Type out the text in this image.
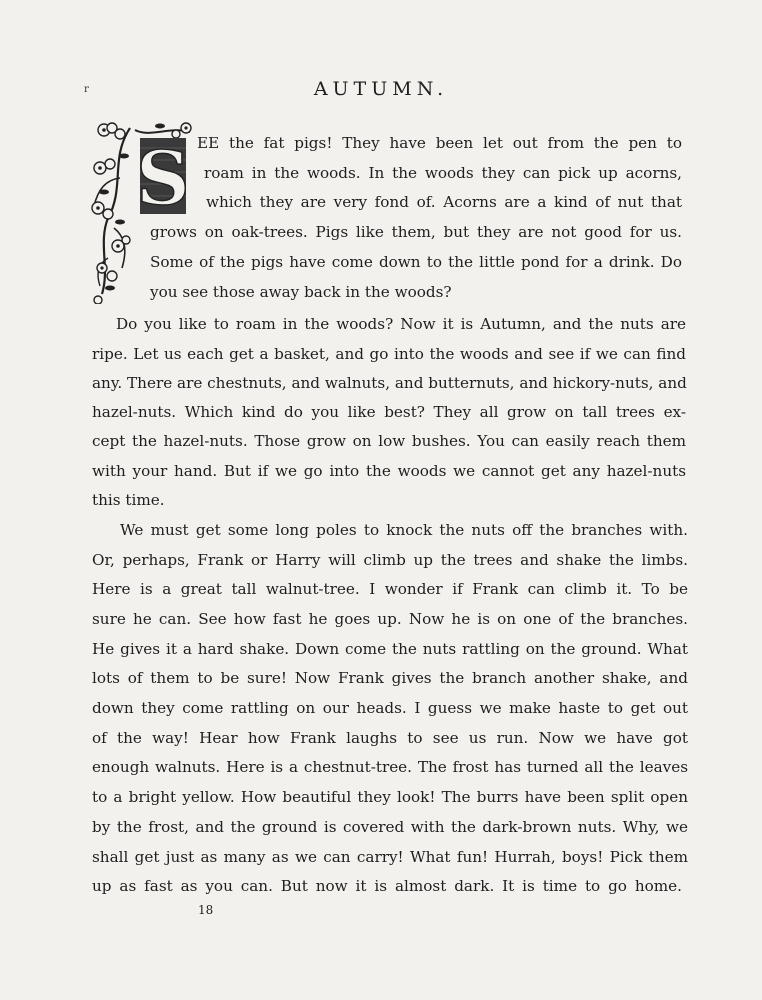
r	AUTUMN.
S EE the fat pigs! They have been let out from the pen to
roam in the woods. In the woods they can pick up acorns,
which they are very fond of. Acorns are a kind of nut that
grows on oak-trees. Pigs like them, but they are not good for us.
Some of the pigs have come down to the little pond for a drink. Do
you see those away back in the woods?
Do you like to roam in the woods? Now it is Autumn, and the nuts are
ripe. Let us each get a basket, and go into the woods and see if we can find
any. There are chestnuts, and walnuts, and butternuts, and hickory-nuts, and
hazel-nuts. Which kind do you like best? They all grow on tall trees ex-
cept the hazel-nuts. Those grow on low bushes. You can easily reach them
with your hand. But if we go into the woods we cannot get any hazel-nuts
this time.
We must get some long poles to knock the nuts off the branches with.
Or, perhaps, Frank or Harry will climb up the trees and shake the limbs.
Here is a great tall walnut-tree. I wonder if Frank can climb it. To be
sure he can. See how fast he goes up. Now he is on one of the branches.
He gives it a hard shake. Down come the nuts rattling on the ground. What
lots of them to be sure! Now Frank gives the branch another shake, and
down they come rattling on our heads. I guess we make haste to get out
of the way! Hear how Frank laughs to see us run. Now we have got
enough walnuts. Here is a chestnut-tree. The frost has turned all the leaves
to a bright yellow. How beautiful they look! The burrs have been split open
by the frost, and the ground is covered with the dark-brown nuts. Why, we
shall get just as many as we can carry! What fun! Hurrah, boys! Pick them
up as fast as you can. But now it is almost dark. It is time to go home.
18
